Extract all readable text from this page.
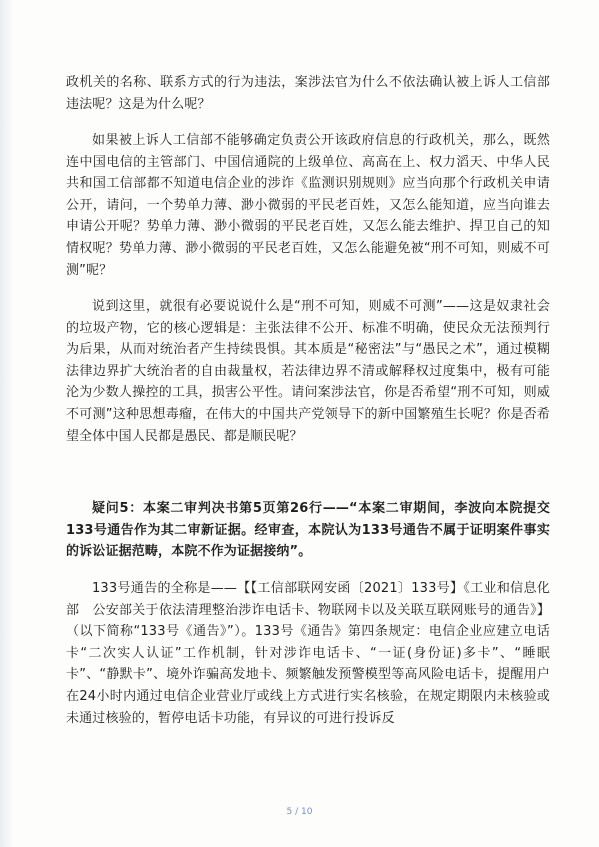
政机关的名称、联系方式的行为违法，案涉法官为什么不依法确认被上诉人工信部违法呢？这是为什么呢？

如果被上诉人工信部不能够确定负责公开该政府信息的行政机关，那么，既然连中国电信的主管部门、中国信通院的上级单位、高高在上、权力滔天、中华人民共和国工信部都不知道电信企业的涉诈《监测识别规则》应当向那个行政机关申请公开，请问，一个势单力薄、渺小微弱的平民老百姓，又怎么能知道，应当向谁去申请公开呢？势单力薄、渺小微弱的平民老百姓，又怎么能去维护、捍卫自己的知情权呢？势单力薄、渺小微弱的平民老百姓，又怎么能避免被“刑不可知，则威不可测”呢？

说到这里，就很有必要说说什么是“刑不可知，则威不可测”——这是奴隶社会的垃圾产物，它的核心逻辑是：主张法律不公开、标准不明确，使民众无法预判行为后果，从而对统治者产生持续畏惧。其本质是“秘密法”与“愚民之术”，通过模糊法律边界扩大统治者的自由裁量权，若法律边界不清或解释权过度集中，极有可能沦为少数人操控的工具，损害公平性。请问案涉法官，你是否希望“刑不可知，则威不可测”这种思想毒瘤，在伟大的中国共产党领导下的新中国繁殖生长呢？你是否希望全体中国人民都是愚民、都是顺民呢？

疑问5：本案二审判决书第5页第26行——“本案二审期间，李波向本院提交133号通告作为其二审新证据。经审查，本院认为133号通告不属于证明案件事实的诉讼证据范畴，本院不作为证据接纳”。

133号通告的全称是——【【工信部联网安函〔2021〕133号】《工业和信息化部　公安部关于依法清理整治涉诈电话卡、物联网卡以及关联互联网账号的通告》】（以下简称“133号《通告》”）。133号《通告》第四条规定：电信企业应建立电话卡“二次实人认证”工作机制，针对涉诈电话卡、“一证(身份证)多卡”、“睡眠卡”、“静默卡”、境外诈骗高发地卡、频繁触发预警模型等高风险电话卡，提醒用户在24小时内通过电信企业营业厅或线上方式进行实名核验，在规定期限内未核验或未通过核验的，暂停电话卡功能，有异议的可进行投诉反

5 / 10
